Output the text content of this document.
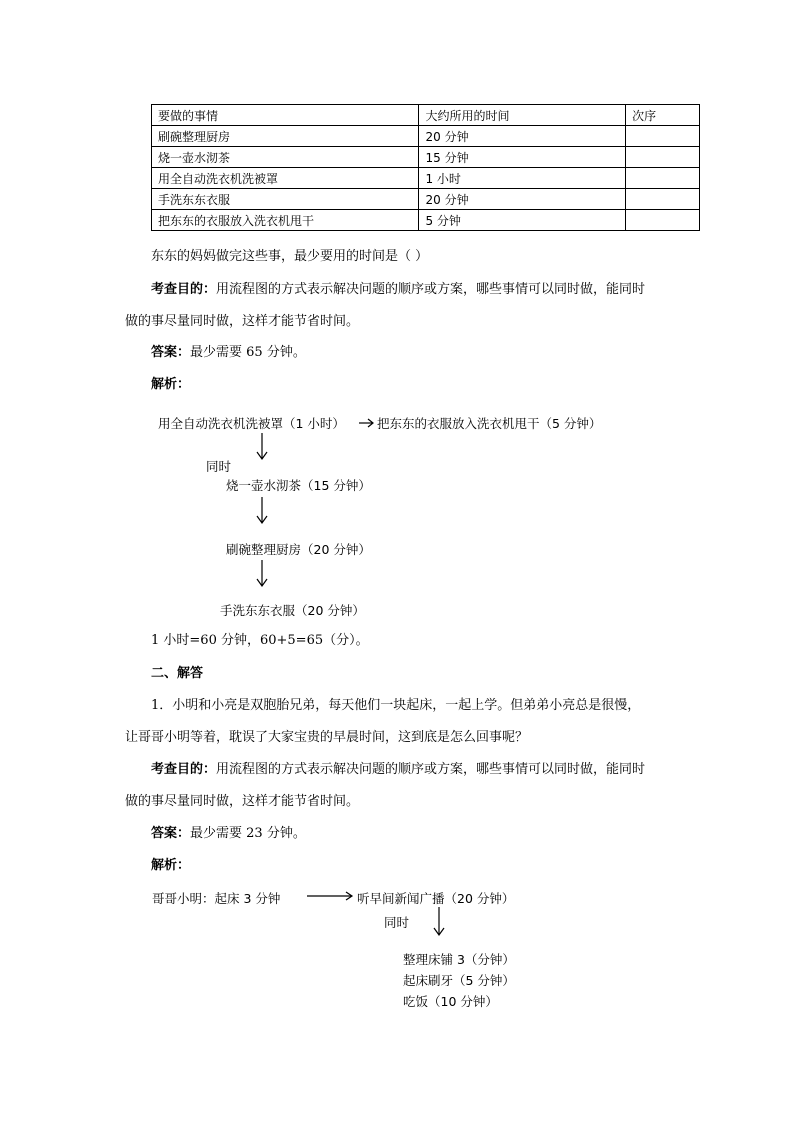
要做的事情	大约所用的时间	次序
刷碗整理厨房	20 分钟	
烧一壶水沏茶	15 分钟	
用全自动洗衣机洗被罩	1 小时	
手洗东东衣服	20 分钟	
把东东的衣服放入洗衣机甩干	5 分钟	
东东的妈妈做完这些事，最少要用的时间是（ ）
考查目的：用流程图的方式表示解决问题的顺序或方案，哪些事情可以同时做，能同时
做的事尽量同时做，这样才能节省时间。
答案：最少需要 65 分钟。
解析：
用全自动洗衣机洗被罩（1 小时）	把东东的衣服放入洗衣机甩干（5 分钟）
同时
烧一壶水沏茶（15 分钟）
刷碗整理厨房（20 分钟）
手洗东东衣服（20 分钟）
1 小时=60 分钟，60+5=65（分）。
二、解答
1．小明和小亮是双胞胎兄弟，每天他们一块起床，一起上学。但弟弟小亮总是很慢，
让哥哥小明等着，耽误了大家宝贵的早晨时间，这到底是怎么回事呢？
考查目的：用流程图的方式表示解决问题的顺序或方案，哪些事情可以同时做，能同时
做的事尽量同时做，这样才能节省时间。
答案：最少需要 23 分钟。
解析：
哥哥小明：起床 3 分钟	听早间新闻广播（20 分钟）
同时
整理床铺 3（分钟）
起床刷牙（5 分钟）
吃饭（10 分钟）
